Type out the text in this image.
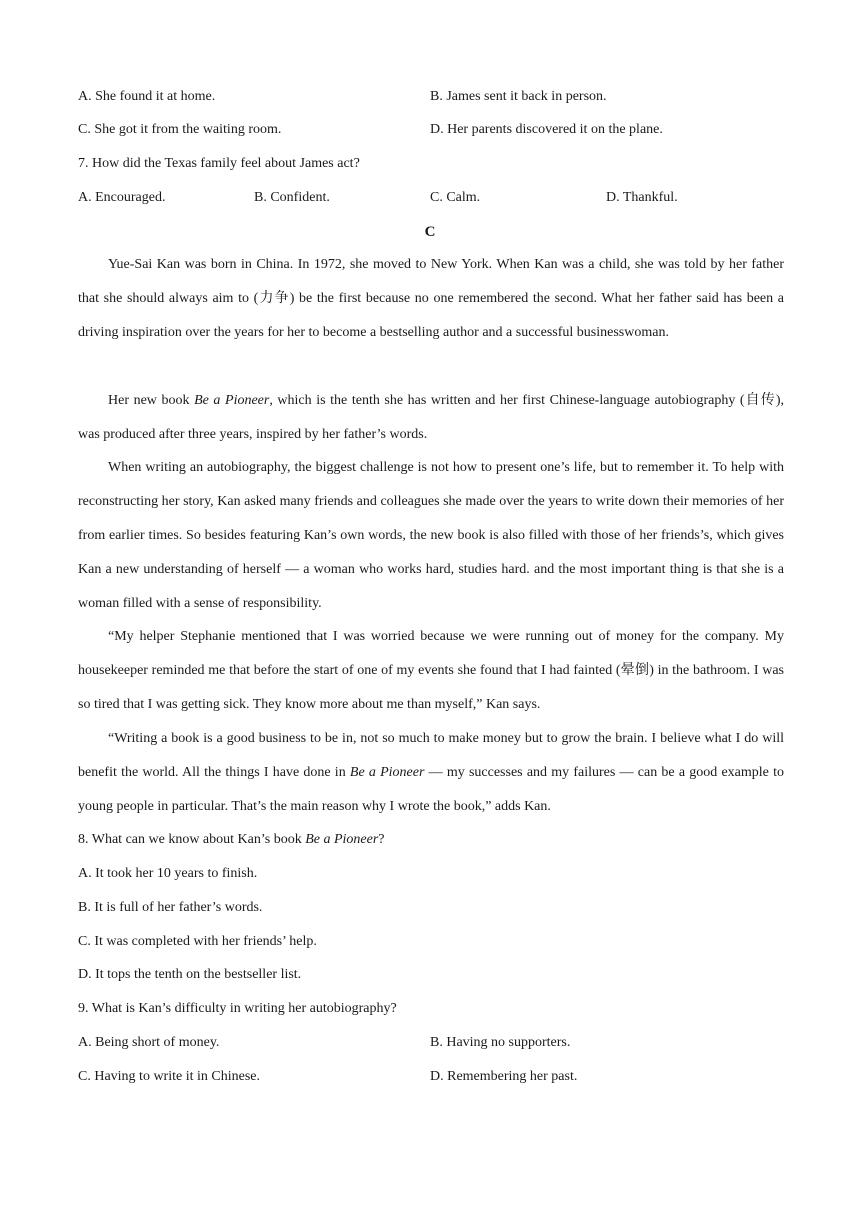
A. She found it at home.	B. James sent it back in person.
C. She got it from the waiting room.	D. Her parents discovered it on the plane.
7. How did the Texas family feel about James act?
A. Encouraged.	B. Confident.	C. Calm.	D. Thankful.
C

Yue-Sai Kan was born in China. In 1972, she moved to New York. When Kan was a child, she was told by her father that she should always aim to (力争) be the first because no one remembered the second. What her father said has been a driving inspiration over the years for her to become a bestselling author and a successful businesswoman.

Her new book Be a Pioneer, which is the tenth she has written and her first Chinese-language autobiography (自传), was produced after three years, inspired by her father’s words.

When writing an autobiography, the biggest challenge is not how to present one’s life, but to remember it. To help with reconstructing her story, Kan asked many friends and colleagues she made over the years to write down their memories of her from earlier times. So besides featuring Kan’s own words, the new book is also filled with those of her friends’s, which gives Kan a new understanding of herself — a woman who works hard, studies hard. and the most important thing is that she is a woman filled with a sense of responsibility.

“My helper Stephanie mentioned that I was worried because we were running out of money for the company. My housekeeper reminded me that before the start of one of my events she found that I had fainted (晕倒) in the bathroom. I was so tired that I was getting sick. They know more about me than myself,” Kan says.

“Writing a book is a good business to be in, not so much to make money but to grow the brain. I believe what I do will benefit the world. All the things I have done in Be a Pioneer — my successes and my failures — can be a good example to young people in particular. That’s the main reason why I wrote the book,” adds Kan.

8. What can we know about Kan’s book Be a Pioneer?
A. It took her 10 years to finish.
B. It is full of her father’s words.
C. It was completed with her friends’ help.
D. It tops the tenth on the bestseller list.
9. What is Kan’s difficulty in writing her autobiography?
A. Being short of money.	B. Having no supporters.
C. Having to write it in Chinese.	D. Remembering her past.
